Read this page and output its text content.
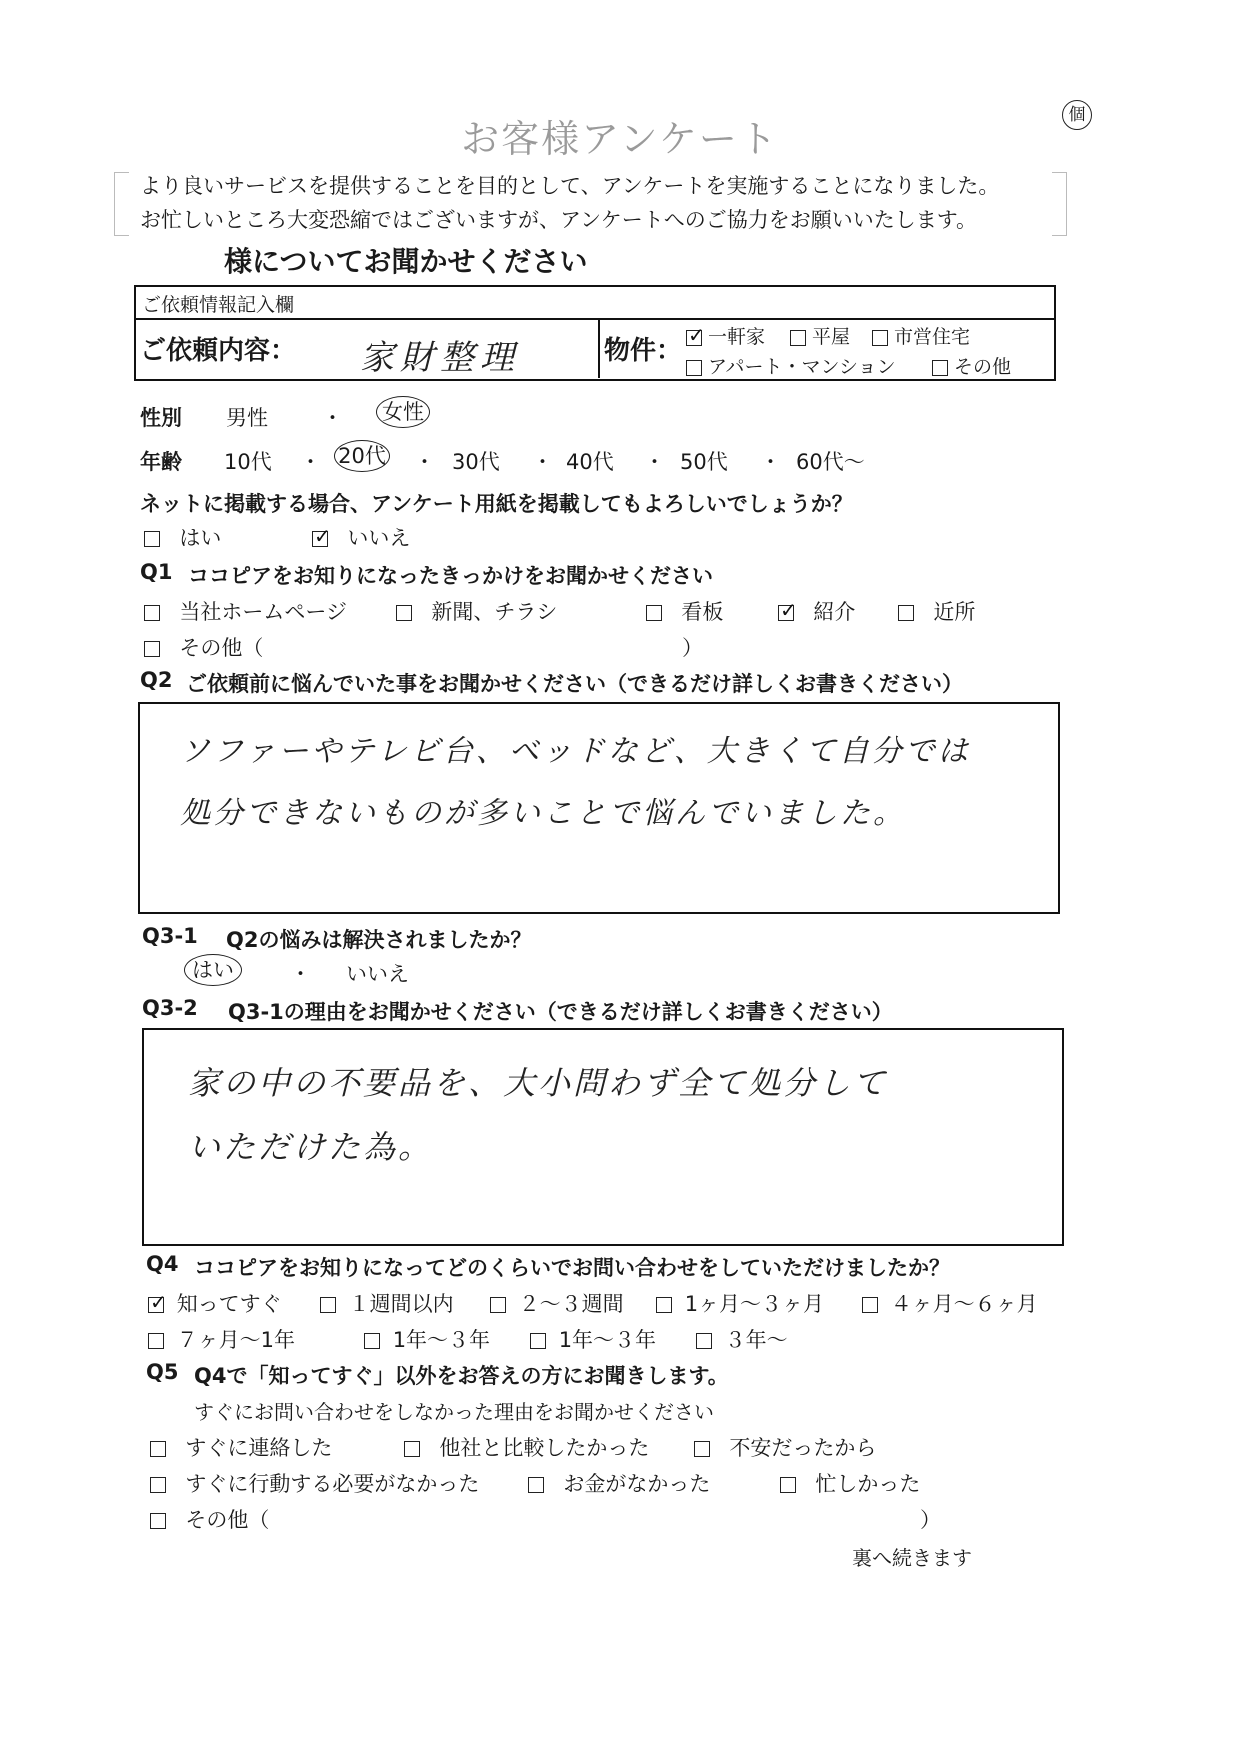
お客様アンケート
個
より良いサービスを提供することを目的として、アンケートを実施することになりました。
お忙しいところ大変恐縮ではございますが、アンケートへのご協力をお願いいたします。
様についてお聞かせください
ご依頼情報記入欄
ご依頼内容： 家財整理	物件： ✓	一軒家	平屋	市営住宅
アパート・マンション	その他
性別 男性	・ 女性
年齢 10代 ・ 20代 ・ 30代 ・ 40代 ・ 50代 ・ 60代〜
ネットに掲載する場合、アンケート用紙を掲載してもよろしいでしょうか？
はい ✓	いいえ
Q1 ココピアをお知りになったきっかけをお聞かせください
当社ホームページ	新聞、チラシ	看板 ✓	紹介	近所
その他（	）
Q2 ご依頼前に悩んでいた事をお聞かせください（できるだけ詳しくお書きください）
ソファーやテレビ台、ベッドなど、大きくて自分では
処分できないものが多いことで悩んでいました。
Q3-1 Q2の悩みは解決されましたか？
はい	・ いいえ
Q3-2 Q3-1の理由をお聞かせください（できるだけ詳しくお書きください）
家の中の不要品を、大小問わず全て処分して
いただけた為。
Q4 ココピアをお知りになってどのくらいでお問い合わせをしていただけましたか？
✓ 知ってすぐ	１週間以内	２〜３週間	1ヶ月〜３ヶ月	４ヶ月〜６ヶ月
７ヶ月〜1年	1年〜３年	1年〜３年	３年〜
Q5 Q4で「知ってすぐ」以外をお答えの方にお聞きします。
すぐにお問い合わせをしなかった理由をお聞かせください
すぐに連絡した	他社と比較したかった	不安だったから
すぐに行動する必要がなかった	お金がなかった	忙しかった
その他（	）
裏へ続きます
